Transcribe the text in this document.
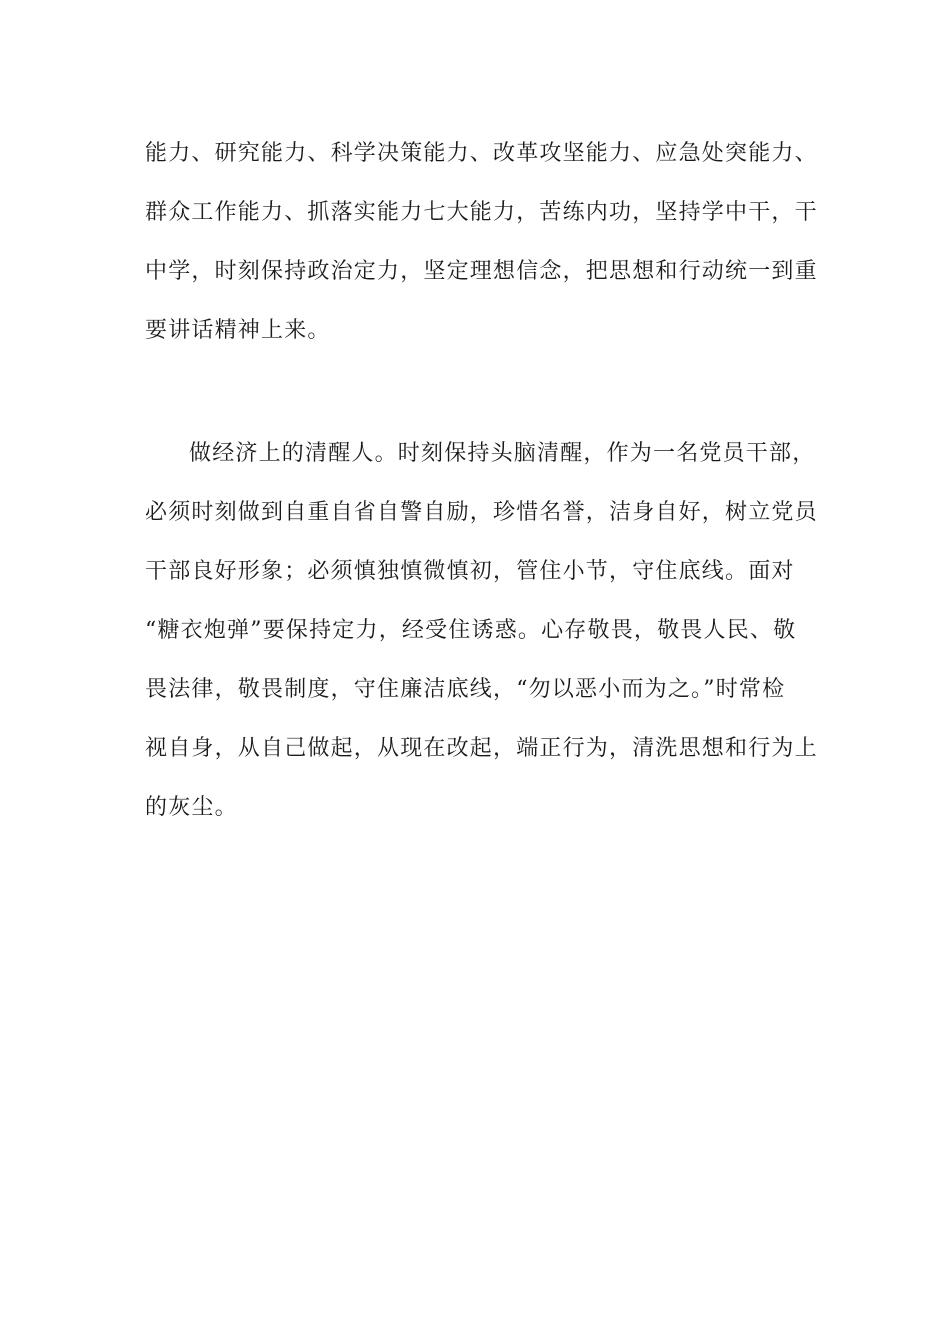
能力、研究能力、科学决策能力、改革攻坚能力、应急处突能力、

群众工作能力、抓落实能力七大能力，苦练内功，坚持学中干，干

中学，时刻保持政治定力，坚定理想信念，把思想和行动统一到重

要讲话精神上来。

做经济上的清醒人。时刻保持头脑清醒，作为一名党员干部，

必须时刻做到自重自省自警自励，珍惜名誉，洁身自好，树立党员

干部良好形象；必须慎独慎微慎初，管住小节，守住底线。面对

“糖衣炮弹”要保持定力，经受住诱惑。心存敬畏，敬畏人民、敬

畏法律，敬畏制度，守住廉洁底线，“勿以恶小而为之。”时常检

视自身，从自己做起，从现在改起，端正行为，清洗思想和行为上

的灰尘。
